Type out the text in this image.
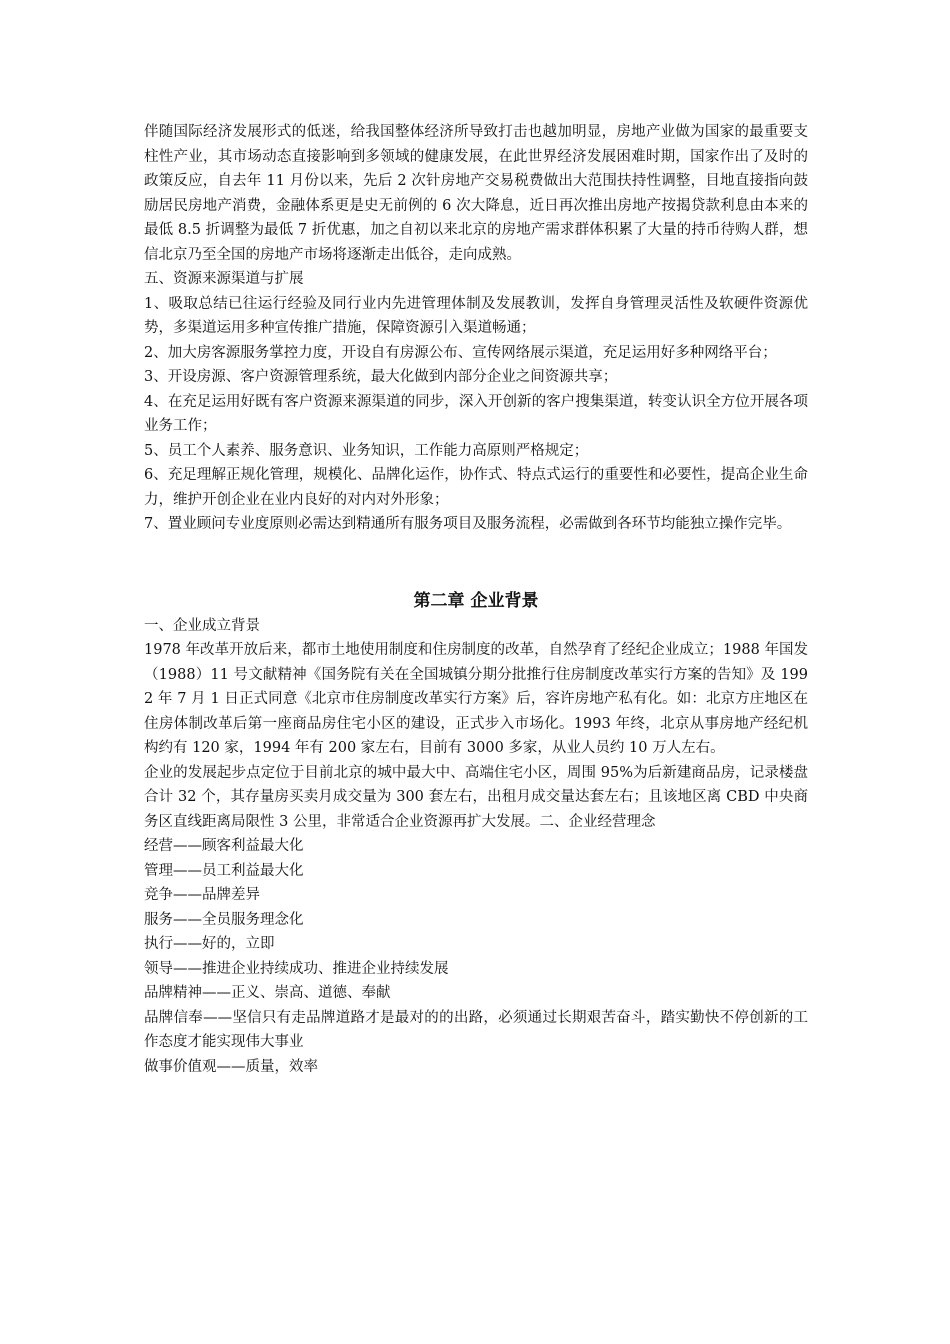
伴随国际经济发展形式的低迷，给我国整体经济所导致打击也越加明显，房地产业做为国家的最重要支柱性产业，其市场动态直接影响到多领域的健康发展，在此世界经济发展困难时期，国家作出了及时的政策反应，自去年 11 月份以来，先后 2 次针房地产交易税费做出大范围扶持性调整，目地直接指向鼓励居民房地产消费，金融体系更是史无前例的 6 次大降息，近日再次推出房地产按揭贷款利息由本来的最低 8.5 折调整为最低 7 折优惠，加之自初以来北京的房地产需求群体积累了大量的持币待购人群，想信北京乃至全国的房地产市场将逐渐走出低谷，走向成熟。

五、资源来源渠道与扩展

1、吸取总结已往运行经验及同行业内先进管理体制及发展教训，发挥自身管理灵活性及软硬件资源优势，多渠道运用多种宣传推广措施，保障资源引入渠道畅通；

2、加大房客源服务掌控力度，开设自有房源公布、宣传网络展示渠道，充足运用好多种网络平台；

3、开设房源、客户资源管理系统，最大化做到内部分企业之间资源共享；

4、在充足运用好既有客户资源来源渠道的同步，深入开创新的客户搜集渠道，转变认识全方位开展各项业务工作；

5、员工个人素养、服务意识、业务知识，工作能力高原则严格规定；

6、充足理解正规化管理，规模化、品牌化运作，协作式、特点式运行的重要性和必要性，提高企业生命力，维护开创企业在业内良好的对内对外形象；

7、置业顾问专业度原则必需达到精通所有服务项目及服务流程，必需做到各环节均能独立操作完毕。

第二章 企业背景

一、企业成立背景

1978 年改革开放后来，都市土地使用制度和住房制度的改革，自然孕育了经纪企业成立；1988 年国发（1988）11 号文献精神《国务院有关在全国城镇分期分批推行住房制度改革实行方案的告知》及 1992 年 7 月 1 日正式同意《北京市住房制度改革实行方案》后，容许房地产私有化。如：北京方庄地区在住房体制改革后第一座商品房住宅小区的建设，正式步入市场化。1993 年终，北京从事房地产经纪机构约有 120 家，1994 年有 200 家左右，目前有 3000 多家，从业人员约 10 万人左右。

企业的发展起步点定位于目前北京的城中最大中、高端住宅小区，周围 95%为后新建商品房，记录楼盘合计 32 个，其存量房买卖月成交量为 300 套左右，出租月成交量达套左右；且该地区离 CBD 中央商务区直线距离局限性 3 公里，非常适合企业资源再扩大发展。二、企业经营理念

经营——顾客利益最大化

管理——员工利益最大化

竞争——品牌差异

服务——全员服务理念化

执行——好的，立即

领导——推进企业持续成功、推进企业持续发展

品牌精神——正义、崇高、道德、奉献

品牌信奉——坚信只有走品牌道路才是最对的的出路，必须通过长期艰苦奋斗，踏实勤快不停创新的工作态度才能实现伟大事业

做事价值观——质量，效率
